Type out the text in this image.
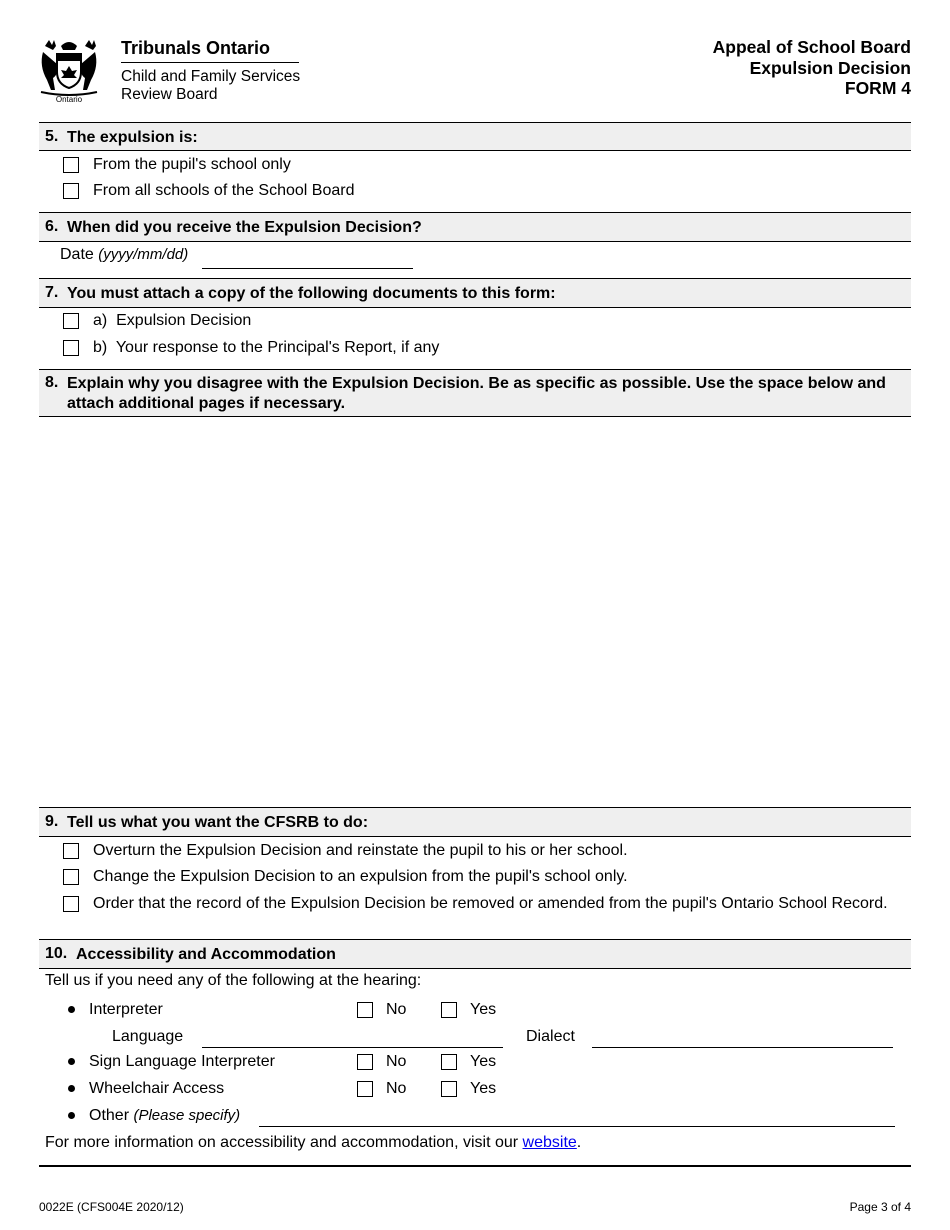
Ontario
Tribunals Ontario
Child and Family Services
Review Board
Appeal of School Board
Expulsion Decision
FORM 4
5. The expulsion is:
From the pupil's school only
From all schools of the School Board
6. When did you receive the Expulsion Decision?
Date (yyyy/mm/dd)
7. You must attach a copy of the following documents to this form:
a) Expulsion Decision
b) Your response to the Principal's Report, if any
8. Explain why you disagree with the Expulsion Decision. Be as specific as possible. Use the space below and attach additional pages if necessary.
9. Tell us what you want the CFSRB to do:
Overturn the Expulsion Decision and reinstate the pupil to his or her school.
Change the Expulsion Decision to an expulsion from the pupil's school only.
Order that the record of the Expulsion Decision be removed or amended from the pupil's Ontario School Record.
10. Accessibility and Accommodation
Tell us if you need any of the following at the hearing:
Interpreter	No	Yes
Language	Dialect
Sign Language Interpreter	No	Yes
Wheelchair Access	No	Yes
Other (Please specify)
For more information on accessibility and accommodation, visit our website.
0022E (CFS004E 2020/12)	Page 3 of 4
